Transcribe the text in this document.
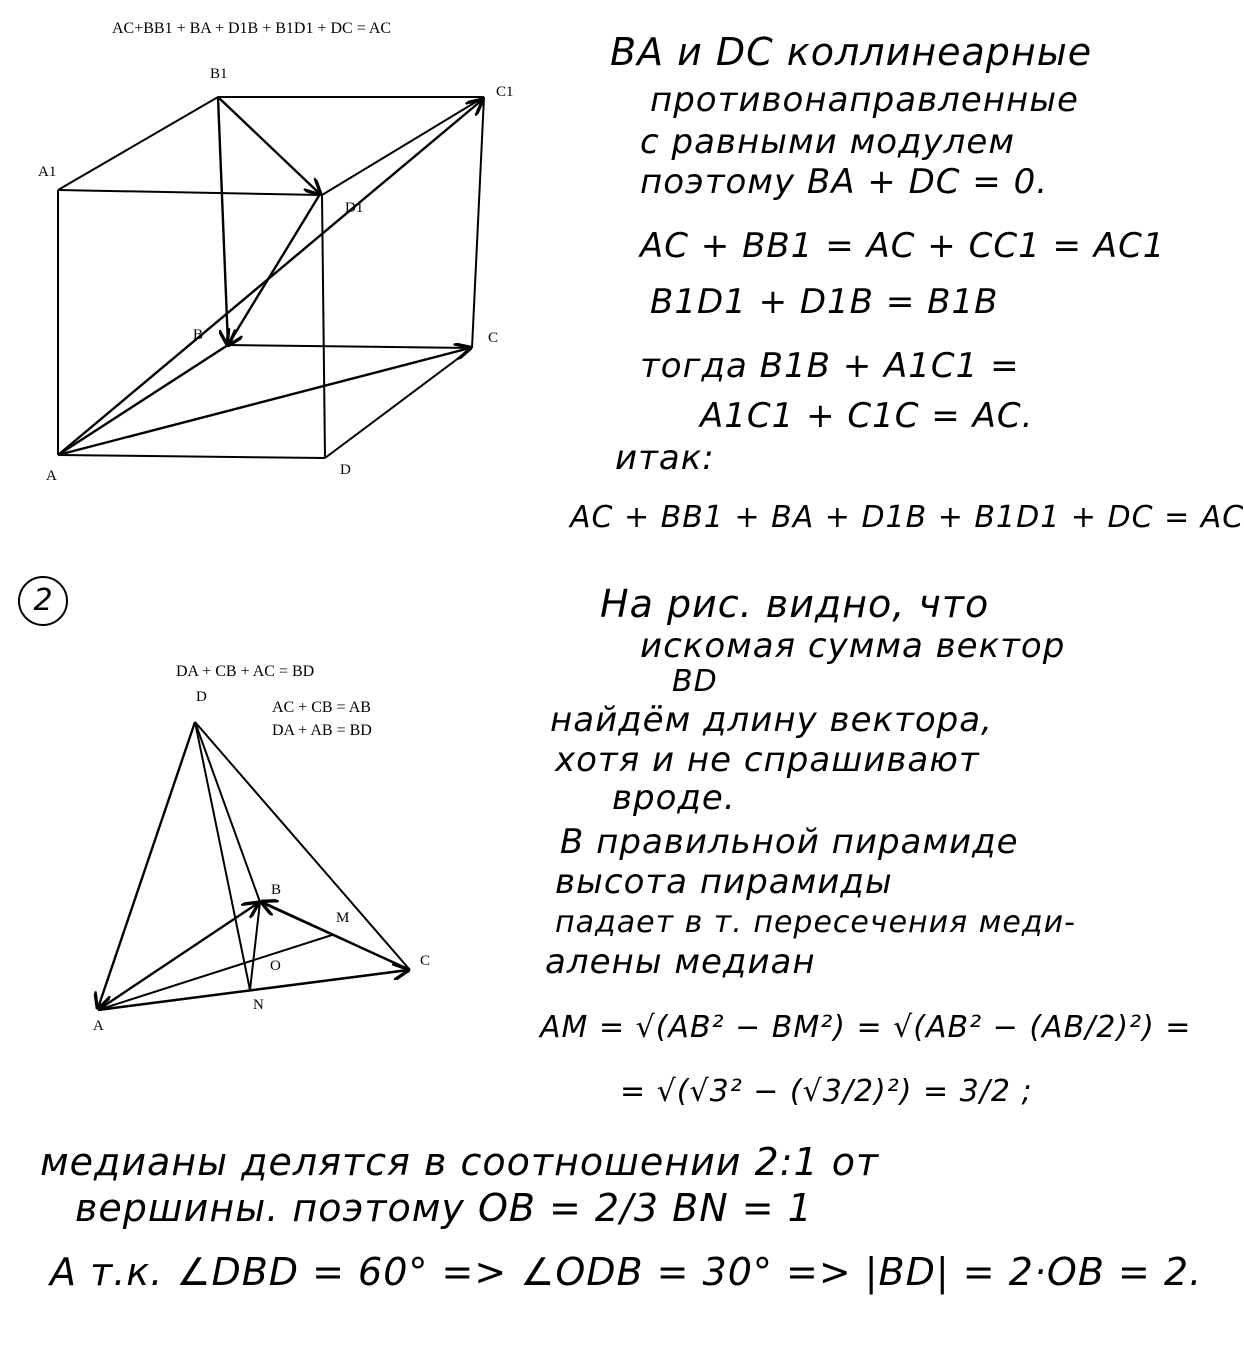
AC+BB1 + BA + D1B + B1D1 + DC = AC
B1
C1
A1
D1
B	C
A	D
BA и DC коллинеарные
противонаправленные
с равными модулем
поэтому BA + DC = 0.
AC + BB1 = AC + CC1 = AC1
B1D1 + D1B = B1B
тогда B1B + A1C1 =
A1C1 + C1C = AC.
итак:
AC + BB1 + BA + D1B + B1D1 + DC = AC
2
DA + CB + AC = BD
AC + CB = AB
DA + AB = BD
D
B
M
O	C
A
N
На рис. видно, что
искомая сумма вектор
BD
найдём длину вектора,
хотя и не спрашивают
вроде.
В правильной пирамиде
высота пирамиды
падает в т. пересечения меди-
алены медиан
AM = √(AB² − BM²) = √(AB² − (AB/2)²) =
= √(√3² − (√3/2)²) = 3/2 ;
медианы делятся в соотношении 2:1 от
вершины. поэтому OB = 2/3 BN = 1
А т.к. ∠DBD = 60° => ∠ODB = 30° => |BD| = 2·OB = 2.
